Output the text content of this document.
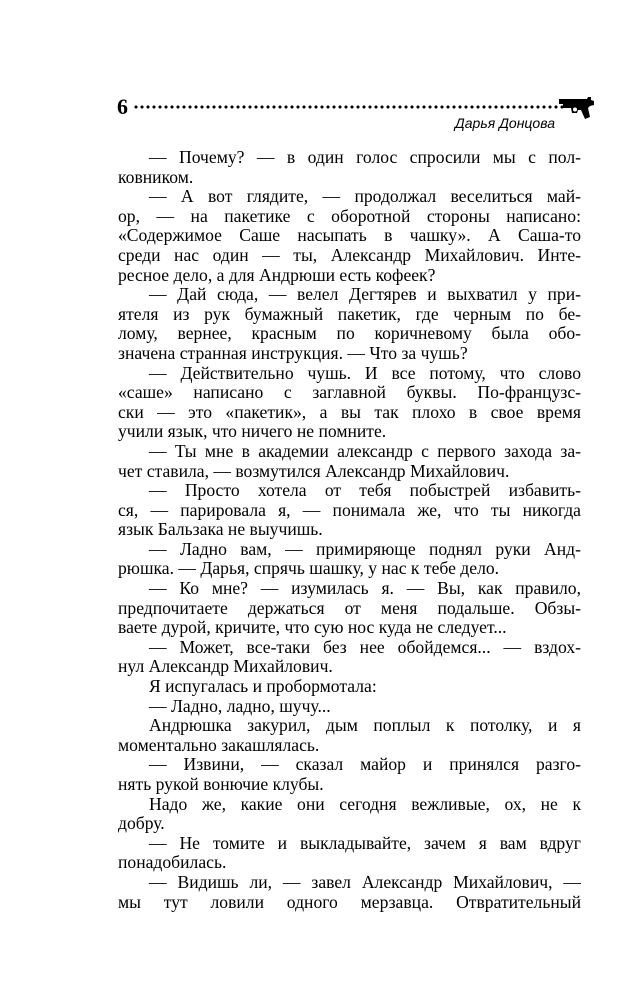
6
Дарья Донцова
— Почему? — в один голос спросили мы с пол-
ковником.
— А вот глядите, — продолжал веселиться май-
ор, — на пакетике с оборотной стороны написано:
«Содержимое Саше насыпать в чашку». А Саша-то
среди нас один — ты, Александр Михайлович. Инте-
ресное дело, а для Андрюши есть кофеек?
— Дай сюда, — велел Дегтярев и выхватил у при-
ятеля из рук бумажный пакетик, где черным по бе-
лому, вернее, красным по коричневому была обо-
значена странная инструкция. — Что за чушь?
— Действительно чушь. И все потому, что слово
«саше» написано с заглавной буквы. По-французс-
ски — это «пакетик», а вы так плохо в свое время
учили язык, что ничего не помните.
— Ты мне в академии александр с первого захода за-
чет ставила, — возмутился Александр Михайлович.
— Просто хотела от тебя побыстрей избавить-
ся, — парировала я, — понимала же, что ты никогда
язык Бальзака не выучишь.
— Ладно вам, — примиряюще поднял руки Анд-
рюшка. — Дарья, спрячь шашку, у нас к тебе дело.
— Ко мне? — изумилась я. — Вы, как правило,
предпочитаете держаться от меня подальше. Обзы-
ваете дурой, кричите, что сую нос куда не следует...
— Может, все-таки без нее обойдемся... — вздох-
нул Александр Михайлович.
Я испугалась и пробормотала:
— Ладно, ладно, шучу...
Андрюшка закурил, дым поплыл к потолку, и я
моментально закашлялась.
— Извини, — сказал майор и принялся разго-
нять рукой вонючие клубы.
Надо же, какие они сегодня вежливые, ох, не к
добру.
— Не томите и выкладывайте, зачем я вам вдруг
понадобилась.
— Видишь ли, — завел Александр Михайлович, —
мы тут ловили одного мерзавца. Отвратительный
